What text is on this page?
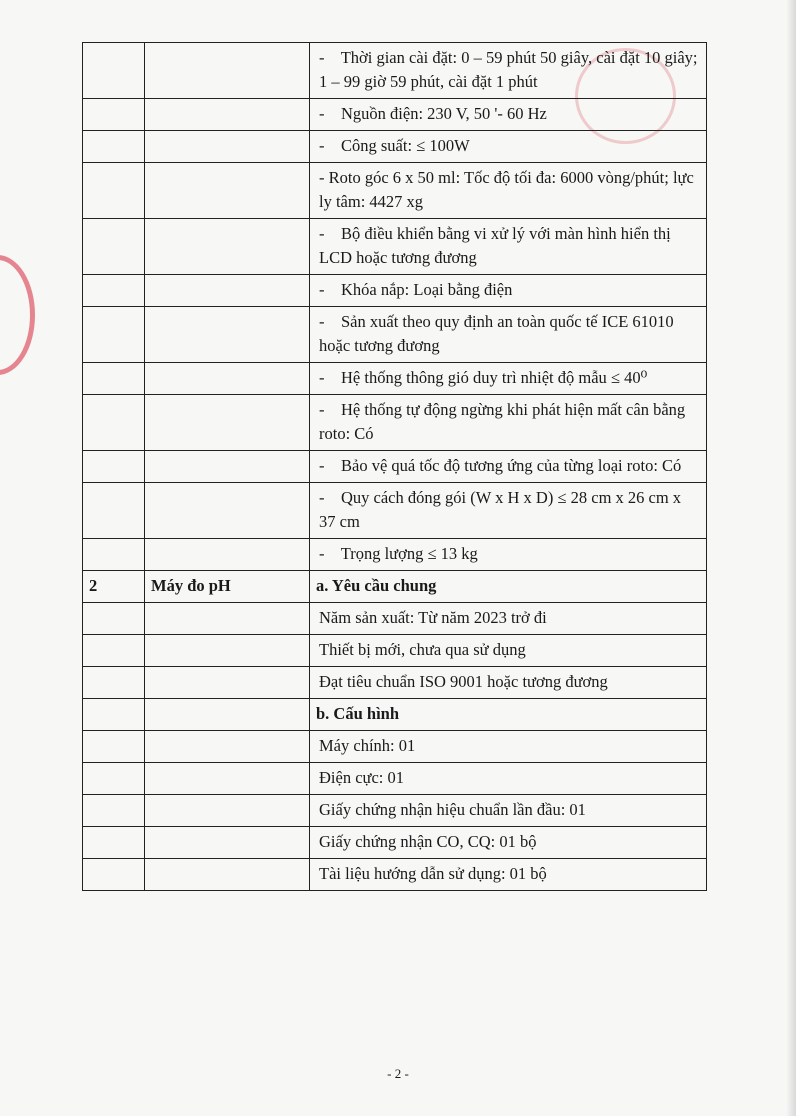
		-    Thời gian cài đặt: 0 – 59 phút 50 giây, cài đặt 10 giây; 1 – 99 giờ 59 phút, cài đặt 1 phút
		-    Nguồn điện: 230 V, 50 '- 60 Hz
		-    Công suất: ≤ 100W
		- Roto góc 6 x 50 ml: Tốc độ tối đa: 6000 vòng/phút; lực ly tâm: 4427 xg
		-    Bộ điều khiển bằng vi xử lý với màn hình hiển thị LCD hoặc tương đương
		-    Khóa nắp: Loại bằng điện
		-    Sản xuất theo quy định an toàn quốc tế ICE 61010 hoặc tương đương
		-    Hệ thống thông gió duy trì nhiệt độ mẫu ≤ 40⁰
		-    Hệ thống tự động ngừng khi phát hiện mất cân bằng roto: Có
		-    Bảo vệ quá tốc độ tương ứng của từng loại roto: Có
		-    Quy cách đóng gói (W x H x D) ≤ 28 cm x 26 cm x 37 cm
		-    Trọng lượng ≤ 13 kg
2	Máy đo pH	a. Yêu cầu chung
		Năm sản xuất: Từ năm 2023 trở đi
		Thiết bị mới, chưa qua sử dụng
		Đạt tiêu chuẩn ISO 9001 hoặc tương đương
		b. Cấu hình
		Máy chính: 01
		Điện cực: 01
		Giấy chứng nhận hiệu chuẩn lần đầu: 01
		Giấy chứng nhận CO, CQ: 01 bộ
		Tài liệu hướng dẫn sử dụng: 01 bộ
- 2 -
